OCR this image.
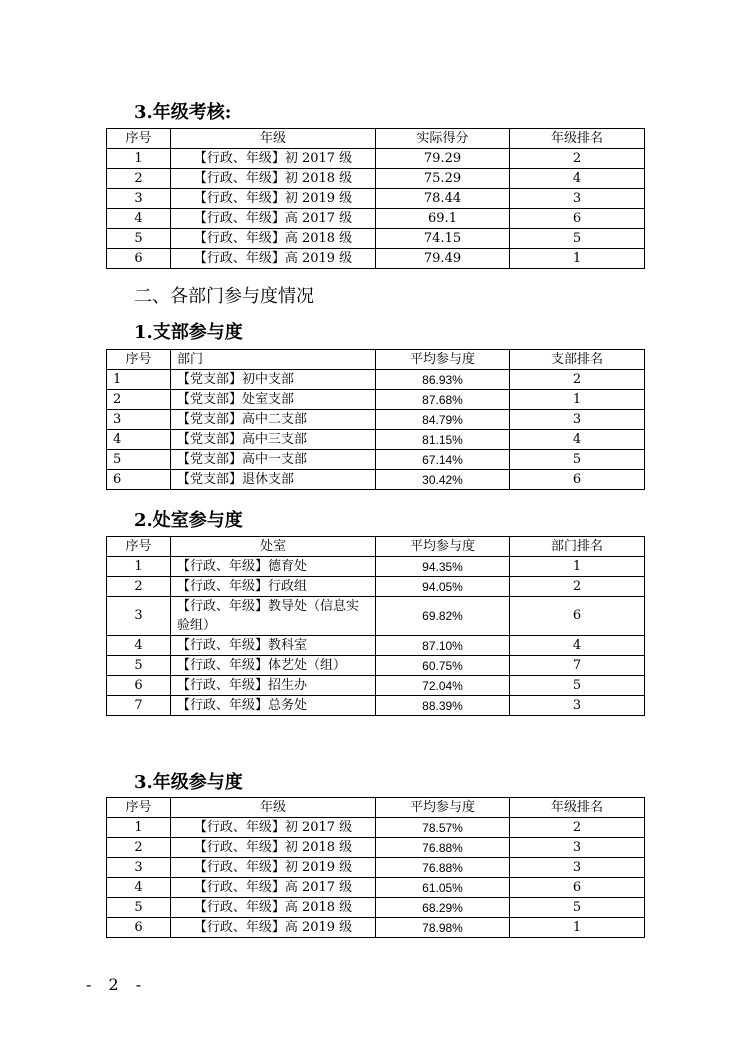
3.年级考核:
序号	年级	实际得分	年级排名
1	【行政、年级】初 2017 级	79.29	2
2	【行政、年级】初 2018 级	75.29	4
3	【行政、年级】初 2019 级	78.44	3
4	【行政、年级】高 2017 级	69.1	6
5	【行政、年级】高 2018 级	74.15	5
6	【行政、年级】高 2019 级	79.49	1
二、各部门参与度情况
1.支部参与度
序号	部门	平均参与度	支部排名
1	【党支部】初中支部	86.93%	2
2	【党支部】处室支部	87.68%	1
3	【党支部】高中二支部	84.79%	3
4	【党支部】高中三支部	81.15%	4
5	【党支部】高中一支部	67.14%	5
6	【党支部】退休支部	30.42%	6
2.处室参与度
序号	处室	平均参与度	部门排名
1	【行政、年级】德育处	94.35%	1
2	【行政、年级】行政组	94.05%	2
3	【行政、年级】教导处（信息实验组）	69.82%	6
4	【行政、年级】教科室	87.10%	4
5	【行政、年级】体艺处（组）	60.75%	7
6	【行政、年级】招生办	72.04%	5
7	【行政、年级】总务处	88.39%	3
3.年级参与度
序号	年级	平均参与度	年级排名
1	【行政、年级】初 2017 级	78.57%	2
2	【行政、年级】初 2018 级	76.88%	3
3	【行政、年级】初 2019 级	76.88%	3
4	【行政、年级】高 2017 级	61.05%	6
5	【行政、年级】高 2018 级	68.29%	5
6	【行政、年级】高 2019 级	78.98%	1
- 2 -
